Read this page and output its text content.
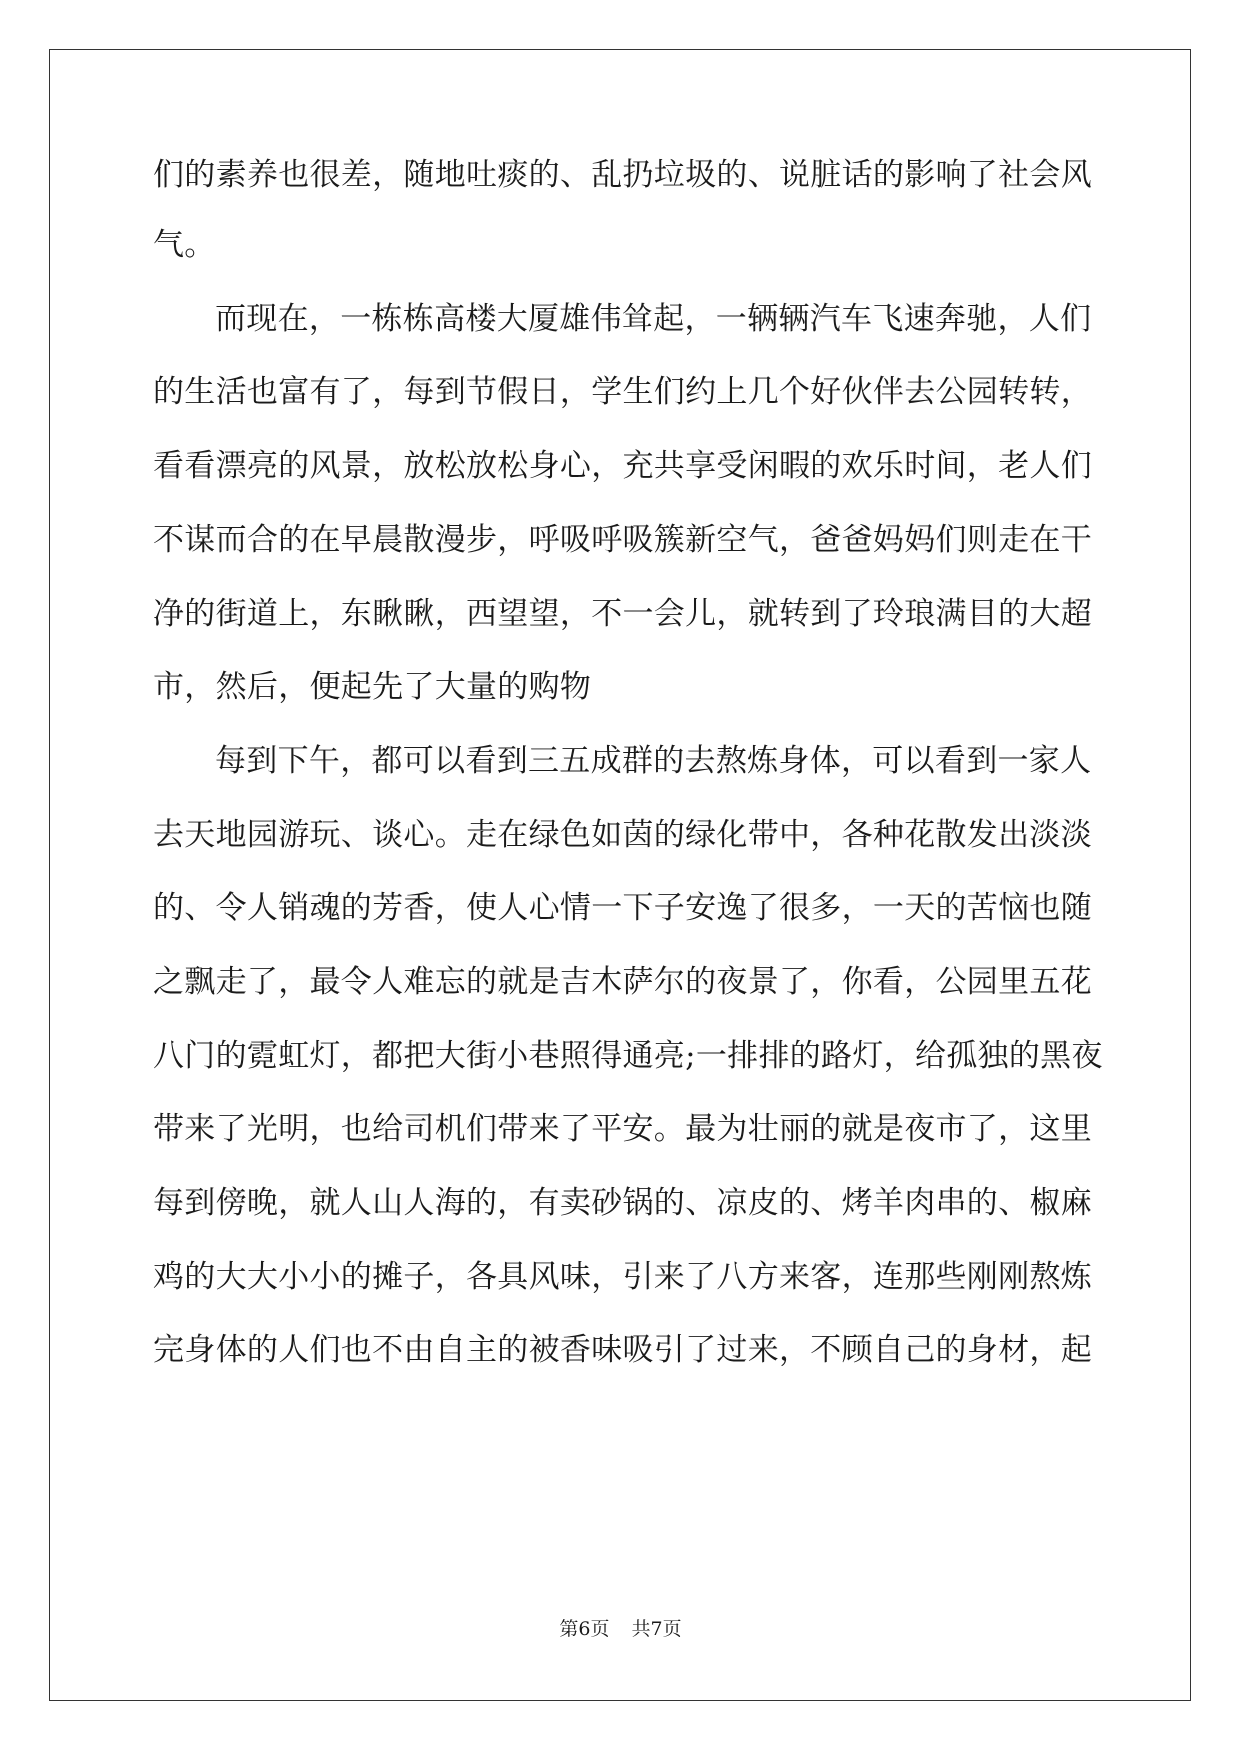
们的素养也很差，随地吐痰的、乱扔垃圾的、说脏话的影响了社会风
气。
而现在，一栋栋高楼大厦雄伟耸起，一辆辆汽车飞速奔驰，人们
的生活也富有了，每到节假日，学生们约上几个好伙伴去公园转转，
看看漂亮的风景，放松放松身心，充共享受闲暇的欢乐时间，老人们
不谋而合的在早晨散漫步，呼吸呼吸簇新空气，爸爸妈妈们则走在干
净的街道上，东瞅瞅，西望望，不一会儿，就转到了玲琅满目的大超
市，然后，便起先了大量的购物
每到下午，都可以看到三五成群的去熬炼身体，可以看到一家人
去天地园游玩、谈心。走在绿色如茵的绿化带中，各种花散发出淡淡
的、令人销魂的芳香，使人心情一下子安逸了很多，一天的苦恼也随
之飘走了，最令人难忘的就是吉木萨尔的夜景了，你看，公园里五花
八门的霓虹灯，都把大街小巷照得通亮;一排排的路灯，给孤独的黑夜
带来了光明，也给司机们带来了平安。最为壮丽的就是夜市了，这里
每到傍晚，就人山人海的，有卖砂锅的、凉皮的、烤羊肉串的、椒麻
鸡的大大小小的摊子，各具风味，引来了八方来客，连那些刚刚熬炼
完身体的人们也不由自主的被香味吸引了过来，不顾自己的身材，起
第6页 共7页
